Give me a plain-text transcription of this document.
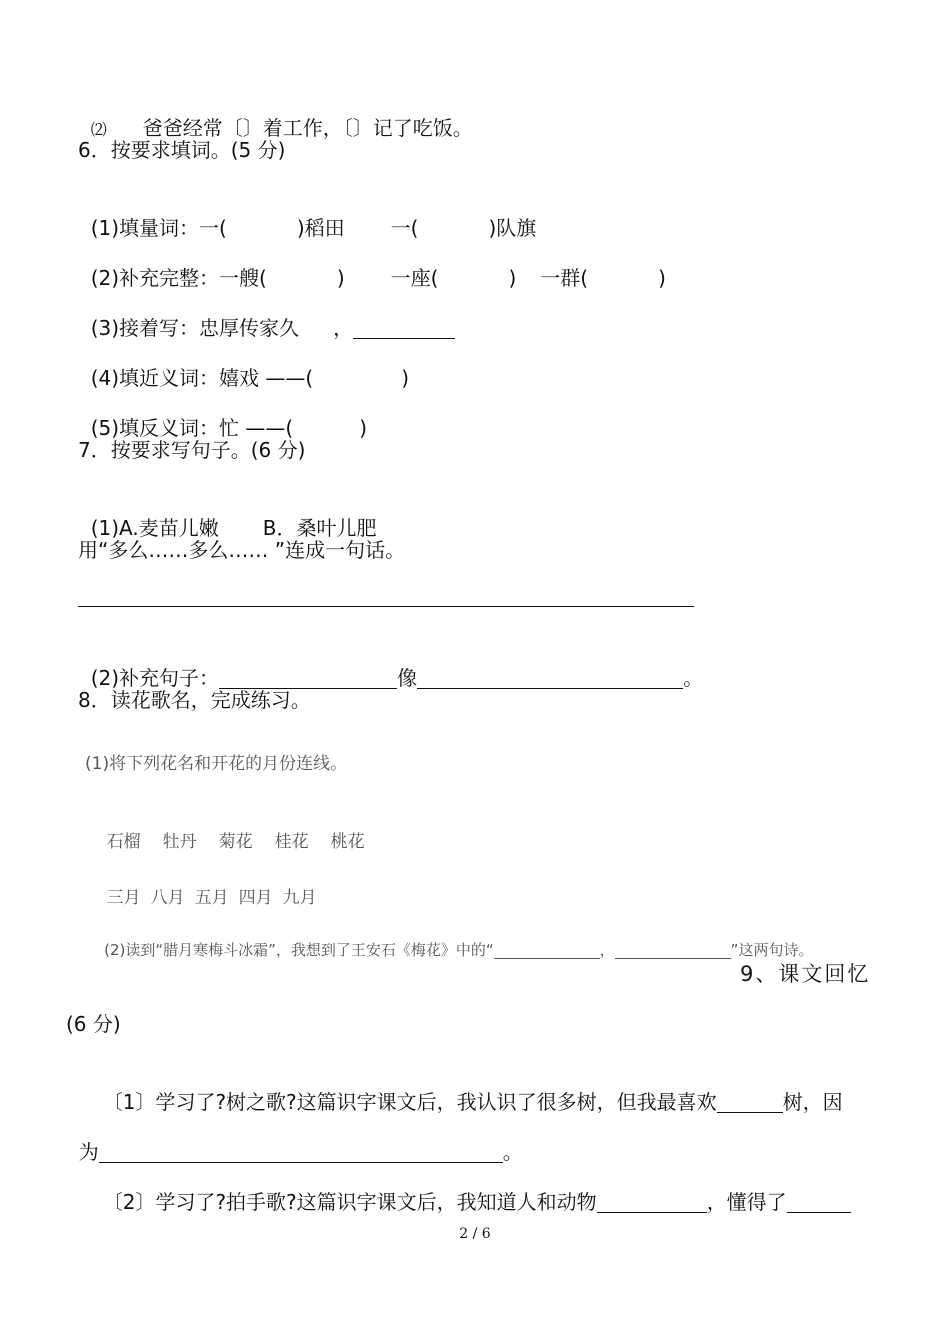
⑵ 爸爸经常〔〕着工作，〔〕记了吃饭。

6．按要求填词。(5 分)

(1)填量词：一(	)稻田 一(	)队旗

(2)补充完整：一艘(	) 一座(	) 一群(	)

(3)接着写：忠厚传家久 ，

(4)填近义词：嬉戏 ——(	)

(5)填反义词：忙 ——(	)

7．按要求写句子。(6 分)

(1)A.麦苗儿嫩 B．桑叶儿肥

用“多么……多么…… ”连成一句话。

(2)补充句子：	像	。

8．读花歌名，完成练习。
(1)将下列花名和开花的月份连线。

石榴 牡丹 菊花 桂花 桃花

三月 八月 五月 四月 九月

(2)读到“腊月寒梅斗冰霜”，我想到了王安石《梅花》中的“	，	”这两句诗。

9、课文回忆
(6 分)

〔1〕学习了?树之歌?这篇识字课文后，我认识了很多树，但我最喜欢	树，因

为	。

〔2〕学习了?拍手歌?这篇识字课文后，我知道人和动物	，懂得了

2 / 6
